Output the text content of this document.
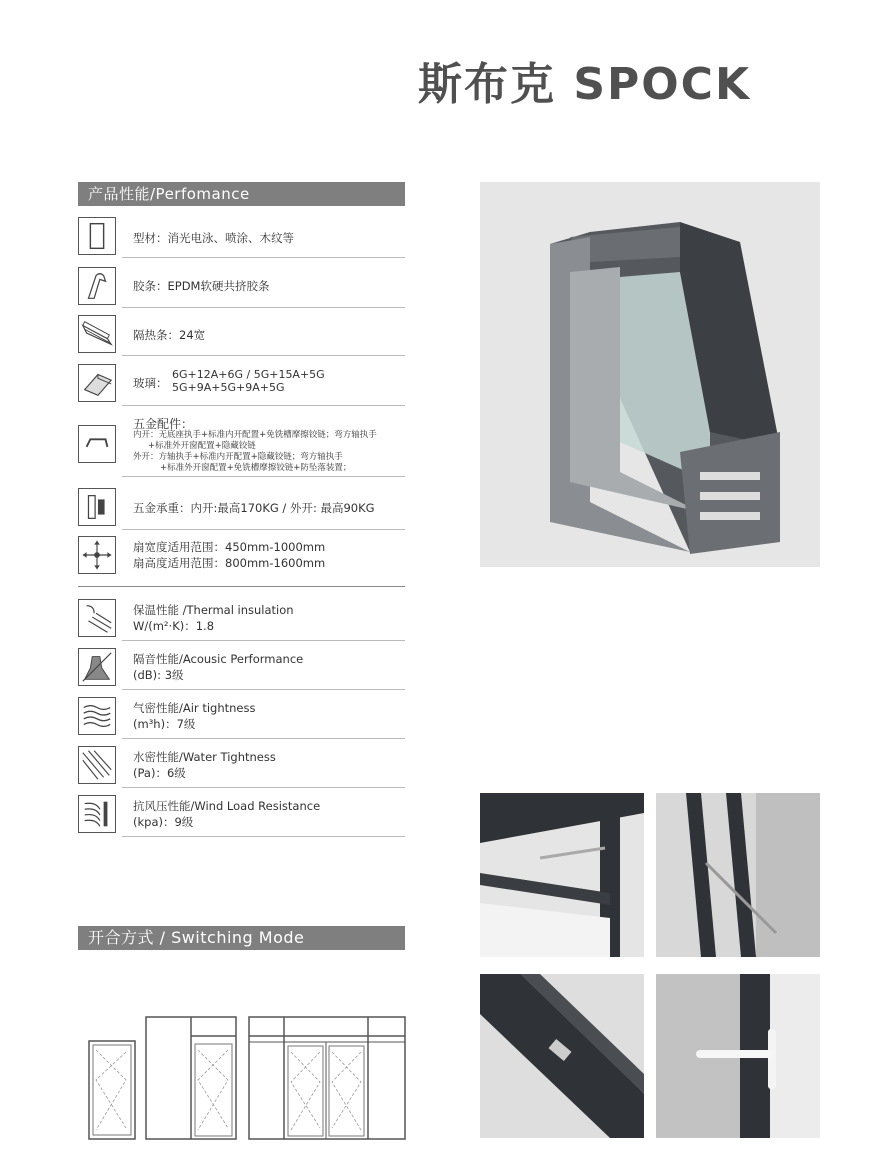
斯布克 SPOCK
产品性能/Perfomance
型材：消光电泳、喷涂、木纹等
胶条：EPDM软硬共挤胶条
隔热条：24宽
玻璃：
6G+12A+6G / 5G+15A+5G
5G+9A+5G+9A+5G
五金配件：
内开：无底座执手+标准内开配置+免铣槽摩擦铰链；弯方轴执手
+标准外开窗配置+隐藏铰链
外开：方轴执手+标准内开配置+隐藏铰链；弯方轴执手
+标准外开窗配置+免铣槽摩擦铰链+防坠落装置；
五金承重：内开:最高170KG / 外开: 最高90KG
扇宽度适用范围：450mm-1000mm
扇高度适用范围：800mm-1600mm
保温性能 /Thermal insulation
W/(m²·K)：1.8
隔音性能/Acousic Performance
(dB): 3级
气密性能/Air tightness
(m³h)：7级
水密性能/Water Tightness
(Pa)：6级
抗风压性能/Wind Load Resistance
(kpa)：9级
开合方式 / Switching Mode
